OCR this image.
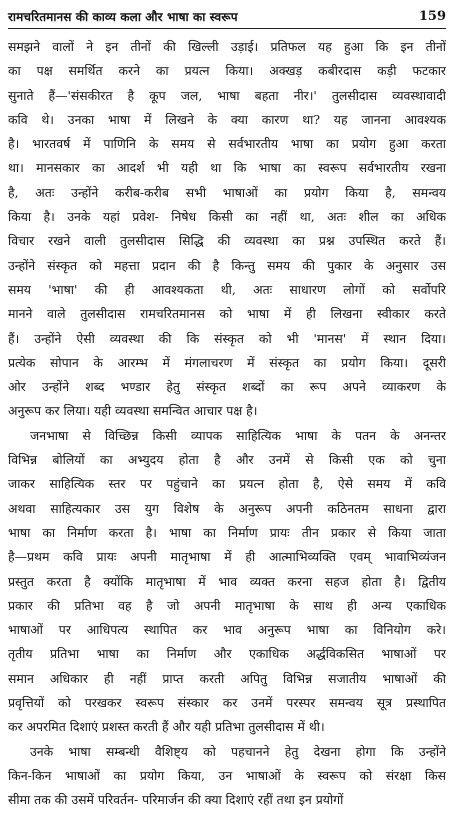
रामचरितमानस की काव्य कला और भाषा का स्वरूप	159

समझने वालों ने इन तीनों की खिल्ली उड़ाई। प्रतिफल यह हुआ कि इन तीनों
का पक्ष समर्थित करने का प्रयत्न किया। अक्खड़ कबीरदास कड़ी फटकार
सुनाते हैं—'संसकीरत है कूप जल, भाषा बहता नीर।' तुलसीदास व्यवस्थावादी
कवि थे। उनका भाषा में लिखने के क्या कारण था? यह जानना आवश्यक
है। भारतवर्ष में पाणिनि के समय से सर्वभारतीय भाषा का प्रयोग हुआ करता
था। मानसकार का आदर्श भी यही था कि भाषा का स्वरूप सर्वभारतीय रखना
है, अतः उन्होंने करीब-करीब सभी भाषाओं का प्रयोग किया है, समन्वय
किया है। उनके यहां प्रवेश- निषेध किसी का नहीं था, अतः शील का अधिक
विचार रखने वाली तुलसीदास सिद्धि की व्यवस्था का प्रश्न उपस्थित करते हैं।
उन्होंने संस्कृत को महत्ता प्रदान की है किन्तु समय की पुकार के अनुसार उस
समय 'भाषा' की ही आवश्यकता थी, अतः साधारण लोगों को सर्वोपरि
मानने वाले तुलसीदास रामचरितमानस को भाषा में ही लिखना स्वीकार करते
हैं। उन्होंने ऐसी व्यवस्था की कि संस्कृत को भी 'मानस' में स्थान दिया।
प्रत्येक सोपान के आरम्भ में मंगलाचरण में संस्कृत का प्रयोग किया। दूसरी
ओर उन्होंने शब्द भण्डार हेतु संस्कृत शब्दों का रूप अपने व्याकरण के
अनुरूप कर लिया। यही व्यवस्था समन्वित आचार पक्ष है।

जनभाषा से विच्छिन्न किसी व्यापक साहित्यिक भाषा के पतन के अनन्तर
विभिन्न बोलियों का अभ्युदय होता है और उनमें से किसी एक को चुना
जाकर साहित्यिक स्तर पर पहुंचाने का प्रयत्न होता है, ऐसे समय में कवि
अथवा साहित्यकार उस युग विशेष के अनुरूप अपनी कठिनतम साधना द्वारा
भाषा का निर्माण करता है। भाषा का निर्माण प्रायः तीन प्रकार से किया जाता
है—प्रथम कवि प्रायः अपनी मातृभाषा में ही आत्माभिव्यक्ति एवम् भावाभिव्यंजन
प्रस्तुत करता है क्योंकि मातृभाषा में भाव व्यक्त करना सहज होता है। द्वितीय
प्रकार की प्रतिभा वह है जो अपनी मातृभाषा के साथ ही अन्य एकाधिक
भाषाओं पर आधिपत्य स्थापित कर भाव अनुरूप भाषा का विनियोग करे।
तृतीय प्रतिभा भाषा का निर्माण और एकाधिक अर्द्धविकसित भाषाओं पर
समान अधिकार ही नहीं प्राप्त करती अपितु विभिन्न सजातीय भाषाओं की
प्रवृत्तियों को परखकर स्वरूप संस्कार कर उनमें परस्पर समन्वय सूत्र प्रस्थापित
कर अपरमित दिशाएं प्रशस्त करती हैं और यही प्रतिभा तुलसीदास में थी।

उनके भाषा सम्बन्धी वैशिष्ट्य को पहचानने हेतु देखना होगा कि उन्होंने
किन-किन भाषाओं का प्रयोग किया, उन भाषाओं के स्वरूप को संरक्षा किस
सीमा तक की उसमें परिवर्तन- परिमार्जन की क्या दिशाएं रहीं तथा इन प्रयोगों
